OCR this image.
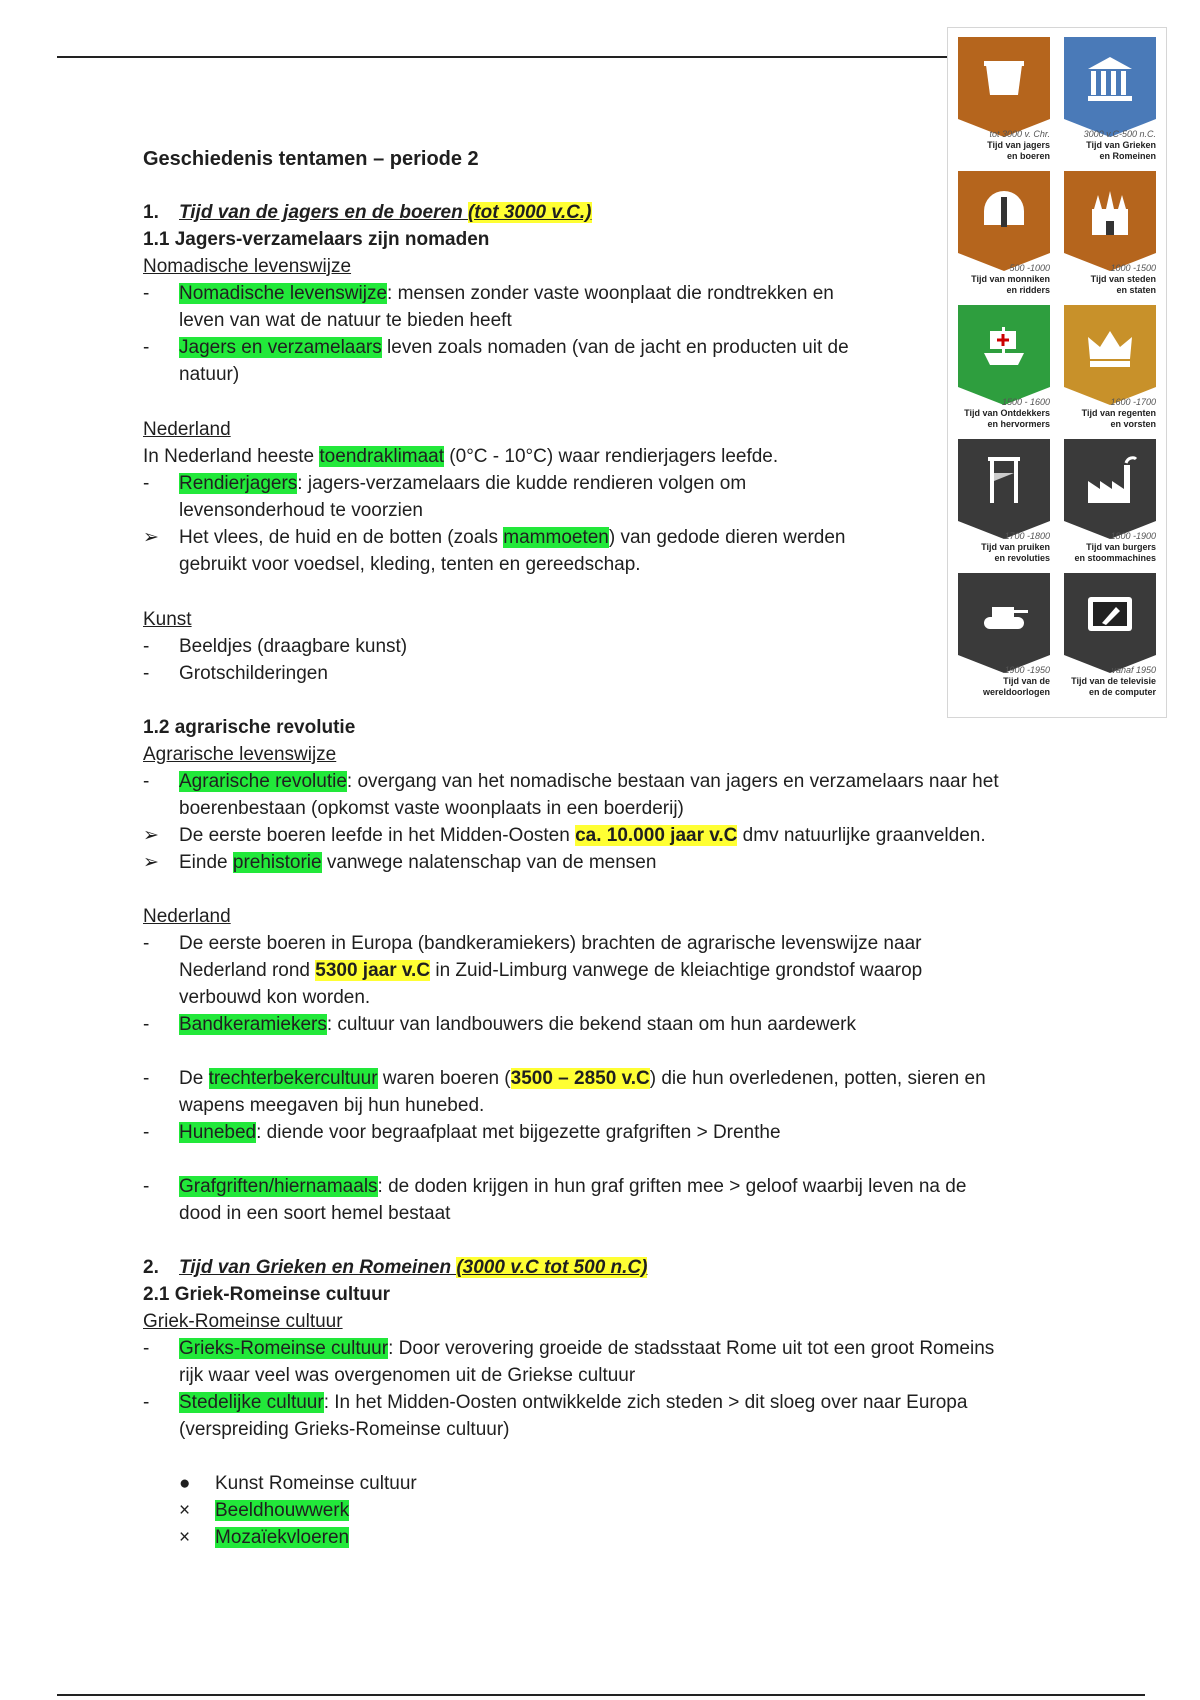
Geschiedenis tentamen – periode 2
1. Tijd van de jagers en de boeren (tot 3000 v.C.)
1.1 Jagers-verzamelaars zijn nomaden
Nomadische levenswijze
-	Nomadische levenswijze: mensen zonder vaste woonplaat die rondtrekken en
leven van wat de natuur te bieden heeft
-	Jagers en verzamelaars leven zoals nomaden (van de jacht en producten uit de
natuur)
Nederland
In Nederland heeste toendraklimaat (0°C - 10°C) waar rendierjagers leefde.
-	Rendierjagers: jagers-verzamelaars die kudde rendieren volgen om
levensonderhoud te voorzien
➢	Het vlees, de huid en de botten (zoals mammoeten) van gedode dieren werden
gebruikt voor voedsel, kleding, tenten en gereedschap.
Kunst
-	Beeldjes (draagbare kunst)
-	Grotschilderingen
1.2 agrarische revolutie
Agrarische levenswijze
-	Agrarische revolutie: overgang van het nomadische bestaan van jagers en verzamelaars naar het
boerenbestaan (opkomst vaste woonplaats in een boerderij)
➢	De eerste boeren leefde in het Midden-Oosten ca. 10.000 jaar v.C dmv natuurlijke graanvelden.
➢	Einde prehistorie vanwege nalatenschap van de mensen
Nederland
-	De eerste boeren in Europa (bandkeramiekers) brachten de agrarische levenswijze naar
Nederland rond 5300 jaar v.C in Zuid-Limburg vanwege de kleiachtige grondstof waarop
verbouwd kon worden.
-	Bandkeramiekers: cultuur van landbouwers die bekend staan om hun aardewerk
-	De trechterbekercultuur waren boeren (3500 – 2850 v.C) die hun overledenen, potten, sieren en
wapens meegaven bij hun hunebed.
-	Hunebed: diende voor begraafplaat met bijgezette grafgriften > Drenthe
-	Grafgriften/hiernamaals: de doden krijgen in hun graf griften mee > geloof waarbij leven na de
dood in een soort hemel bestaat
2. Tijd van Grieken en Romeinen (3000 v.C tot 500 n.C)
2.1 Griek-Romeinse cultuur
Griek-Romeinse cultuur
-	Grieks-Romeinse cultuur: Door verovering groeide de stadsstaat Rome uit tot een groot Romeins
rijk waar veel was overgenomen uit de Griekse cultuur
-	Stedelijke cultuur: In het Midden-Oosten ontwikkelde zich steden > dit sloeg over naar Europa
(verspreiding Grieks-Romeinse cultuur)
●	Kunst Romeinse cultuur
×	Beeldhouwwerk
×	Mozaïekvloeren
tot 3000 v. Chr.
Tijd van jagers
en boeren
3000 v.C-500 n.C.
Tijd van Grieken
en Romeinen
500 -1000
Tijd van monniken
en ridders
1000 -1500
Tijd van steden
en staten
1500 - 1600
Tijd van Ontdekkers
en hervormers
1600 -1700
Tijd van regenten
en vorsten
1700 -1800
Tijd van pruiken
en revoluties
1800 -1900
Tijd van burgers
en stoommachines
1900 -1950
Tijd van de
wereldoorlogen
vanaf 1950
Tijd van de televisie
en de computer
